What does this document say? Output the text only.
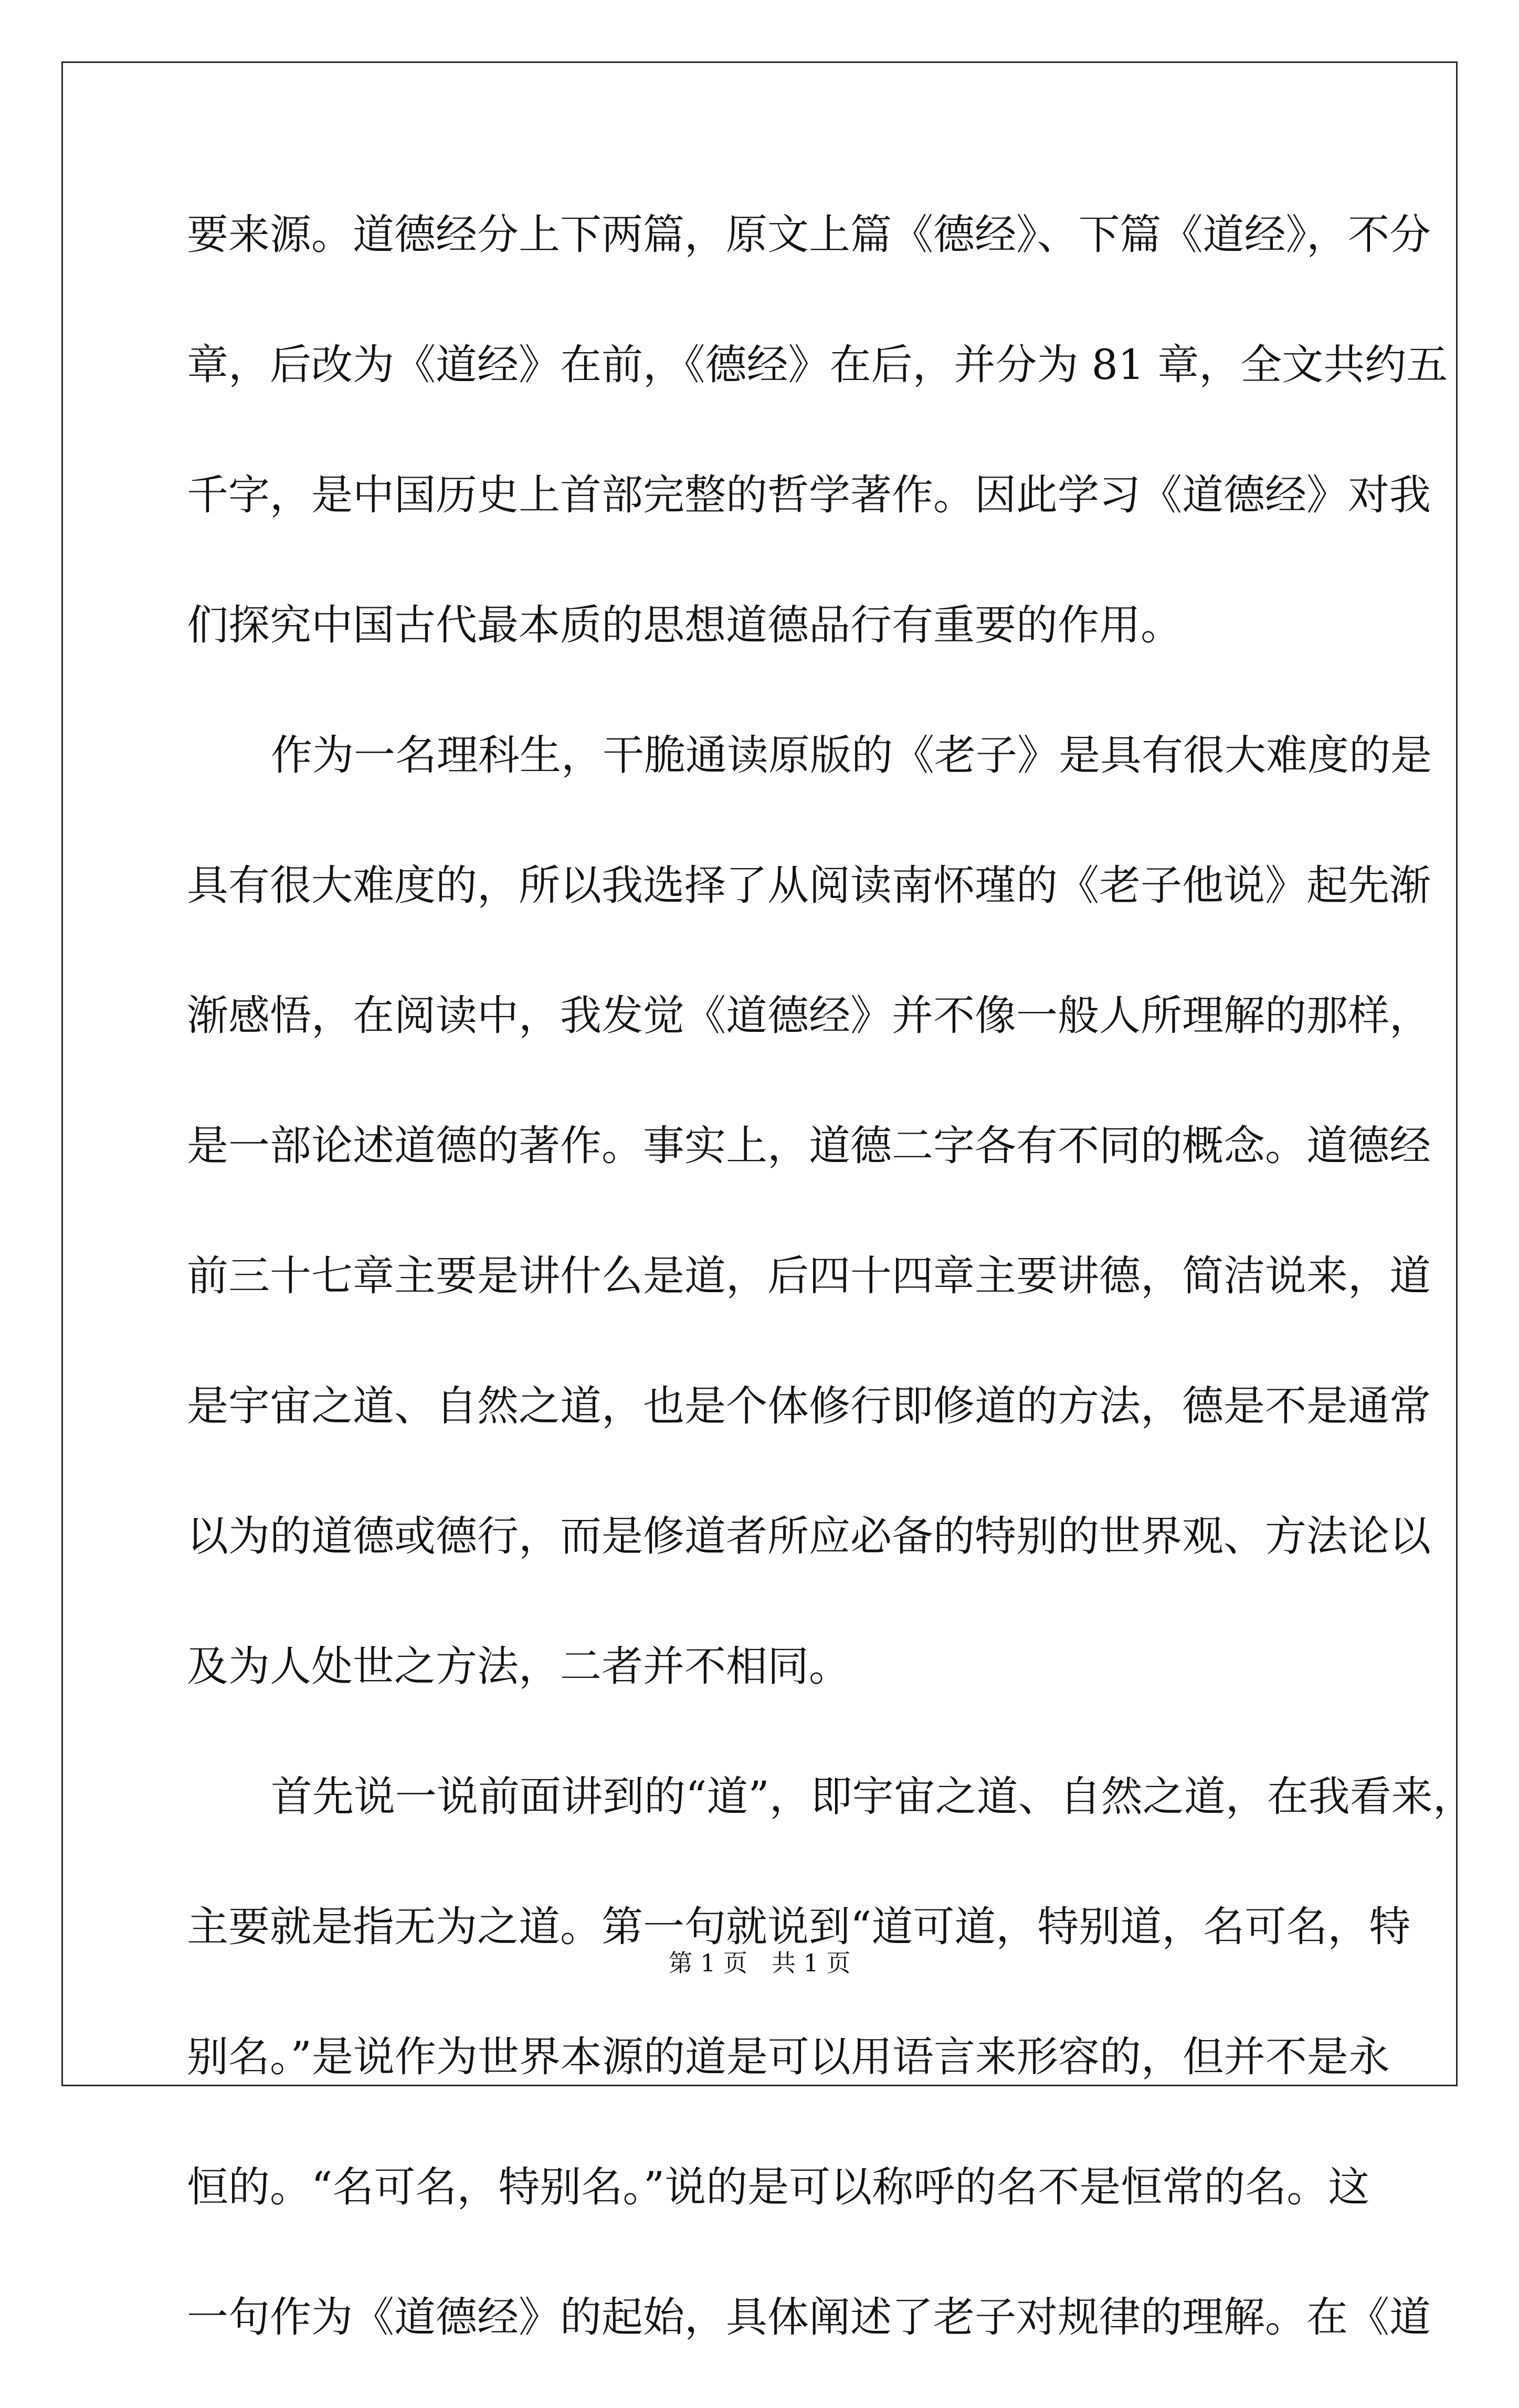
要来源。道德经分上下两篇，原文上篇《德经》、下篇《道经》，不分
章，后改为《道经》在前，《德经》在后，并分为 81 章，全文共约五
千字，是中国历史上首部完整的哲学著作。因此学习《道德经》对我
们探究中国古代最本质的思想道德品行有重要的作用。
作为一名理科生，干脆通读原版的《老子》是具有很大难度的是
具有很大难度的，所以我选择了从阅读南怀瑾的《老子他说》起先渐
渐感悟，在阅读中，我发觉《道德经》并不像一般人所理解的那样，
是一部论述道德的著作。事实上，道德二字各有不同的概念。道德经
前三十七章主要是讲什么是道，后四十四章主要讲德，简洁说来，道
是宇宙之道、自然之道，也是个体修行即修道的方法，德是不是通常
以为的道德或德行，而是修道者所应必备的特别的世界观、方法论以
及为人处世之方法，二者并不相同。
首先说一说前面讲到的“道”，即宇宙之道、自然之道，在我看来，
主要就是指无为之道。第一句就说到“道可道，特别道，名可名，特
别名。”是说作为世界本源的道是可以用语言来形容的，但并不是永
恒的。“名可名，特别名。”说的是可以称呼的名不是恒常的名。这
一句作为《道德经》的起始，具体阐述了老子对规律的理解。在《道
第 1 页　共 1 页
